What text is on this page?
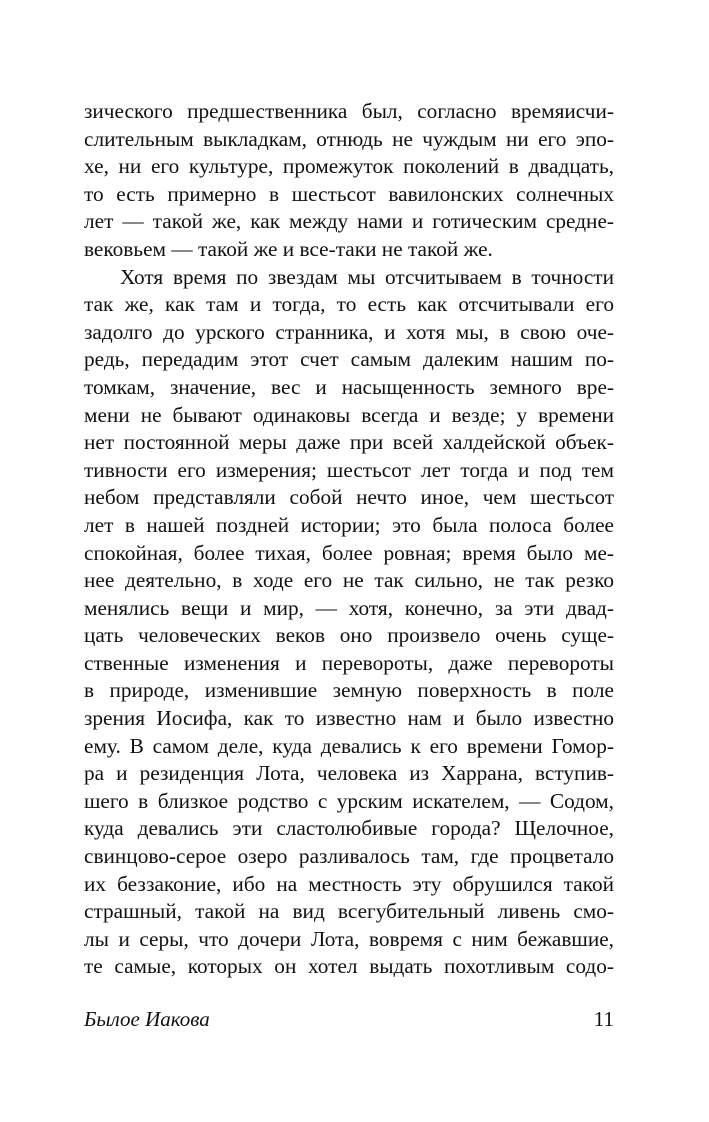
зического предшественника был, согласно времяисчи-
слительным выкладкам, отнюдь не чуждым ни его эпо-
хе, ни его культуре, промежуток поколений в двадцать,
то есть примерно в шестьсот вавилонских солнечных
лет — такой же, как между нами и готическим средне-
вековьем — такой же и все-таки не такой же.
Хотя время по звездам мы отсчитываем в точности
так же, как там и тогда, то есть как отсчитывали его
задолго до урского странника, и хотя мы, в свою оче-
редь, передадим этот счет самым далеким нашим по-
томкам, значение, вес и насыщенность земного вре-
мени не бывают одинаковы всегда и везде; у времени
нет постоянной меры даже при всей халдейской объек-
тивности его измерения; шестьсот лет тогда и под тем
небом представляли собой нечто иное, чем шестьсот
лет в нашей поздней истории; это была полоса более
спокойная, более тихая, более ровная; время было ме-
нее деятельно, в ходе его не так сильно, не так резко
менялись вещи и мир, — хотя, конечно, за эти двад-
цать человеческих веков оно произвело очень суще-
ственные изменения и перевороты, даже перевороты
в природе, изменившие земную поверхность в поле
зрения Иосифа, как то известно нам и было известно
ему. В самом деле, куда девались к его времени Гомор-
ра и резиденция Лота, человека из Харрана, вступив-
шего в близкое родство с урским искателем, — Содом,
куда девались эти сластолюбивые города? Щелочное,
свинцово-серое озеро разливалось там, где процветало
их беззаконие, ибо на местность эту обрушился такой
страшный, такой на вид всегубительный ливень смо-
лы и серы, что дочери Лота, вовремя с ним бежавшие,
те самые, которых он хотел выдать похотливым содо-
Былое Иакова	11
